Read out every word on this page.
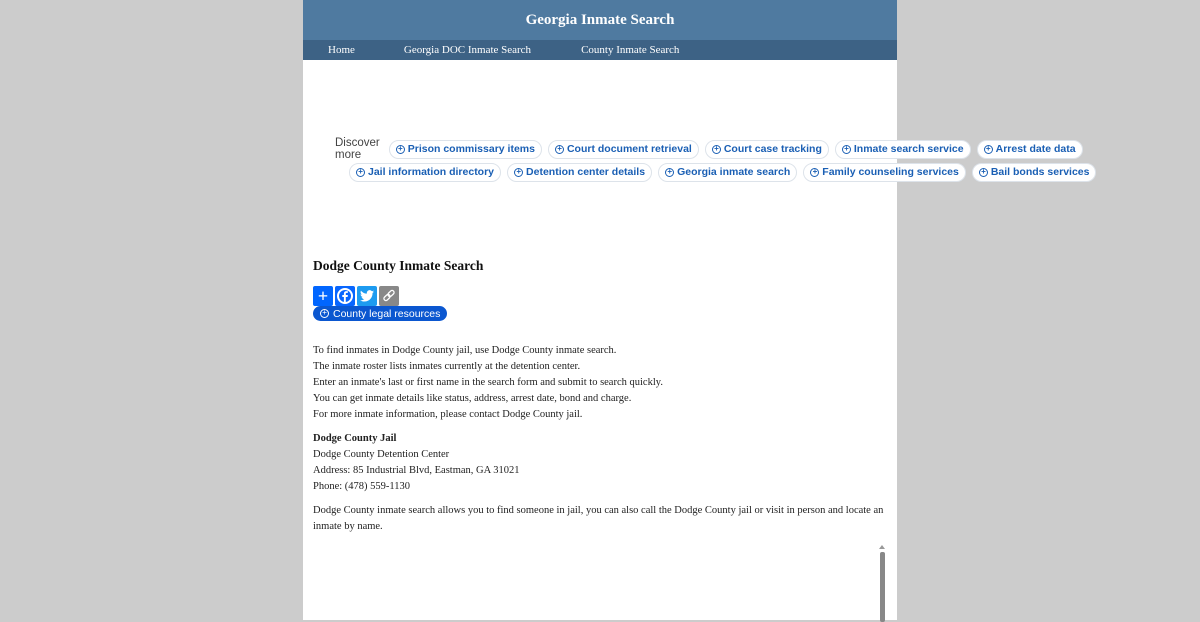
Georgia Inmate Search
Home	Georgia DOC Inmate Search	County Inmate Search
Discover more +	Prison commissary items +	Court document retrieval +	Court case tracking +	Inmate search service +	Arrest date data
+
Jail information directory +	Detention center details +	Georgia inmate search +	Family counseling services +	Bail bonds services
Dodge County Inmate Search
+
+
County legal resources

To find inmates in Dodge County jail, use Dodge County inmate search.

The inmate roster lists inmates currently at the detention center.

Enter an inmate's last or first name in the search form and submit to search quickly.

You can get inmate details like status, address, arrest date, bond and charge.

For more inmate information, please contact Dodge County jail.

Dodge County Jail

Dodge County Detention Center

Address: 85 Industrial Blvd, Eastman, GA 31021

Phone: (478) 559-1130

Dodge County inmate search allows you to find someone in jail, you can also call the Dodge County jail or visit in person and locate an inmate by name.
